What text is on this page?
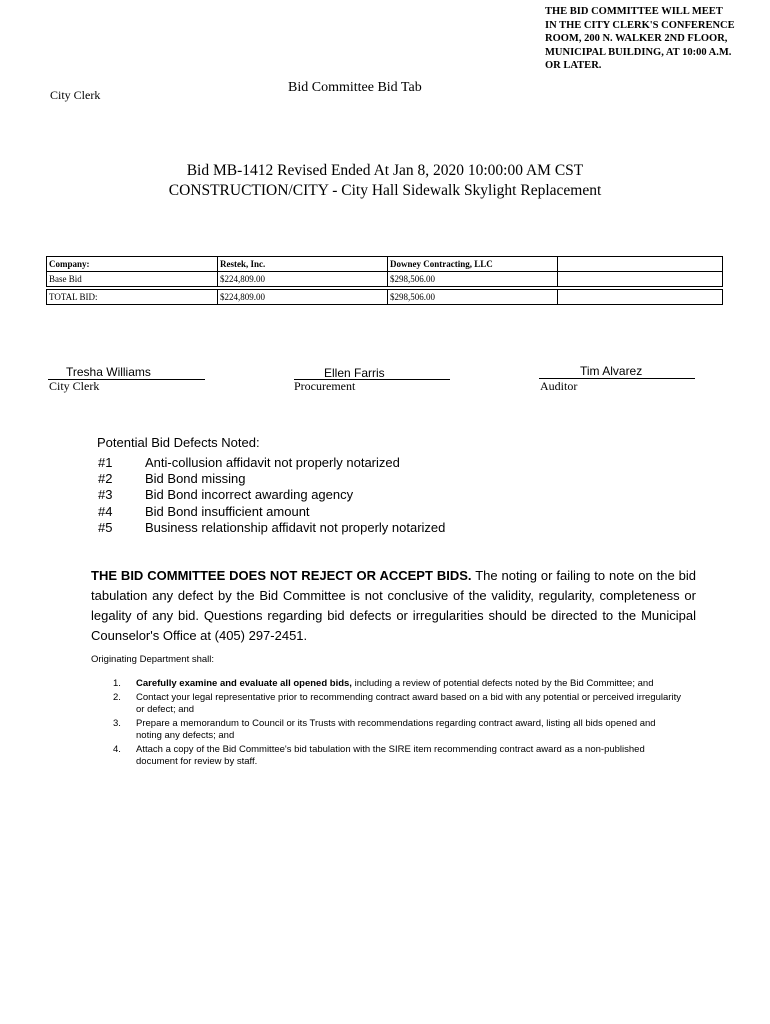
THE BID COMMITTEE WILL MEET
IN THE CITY CLERK'S CONFERENCE
ROOM, 200 N. WALKER 2ND FLOOR,
MUNICIPAL BUILDING, AT 10:00 A.M.
OR LATER.
City Clerk	Bid Committee Bid Tab
Bid MB-1412 Revised Ended At Jan 8, 2020 10:00:00 AM CST
CONSTRUCTION/CITY - City Hall Sidewalk Skylight Replacement
Company:	Restek, Inc.	Downey Contracting, LLC	
Base Bid	$224,809.00	$298,506.00	

TOTAL BID:	$224,809.00	$298,506.00	
Tresha Williams
City Clerk
Ellen Farris
Procurement
Tim Alvarez
Auditor
Potential Bid Defects Noted:
#1	Anti-collusion affidavit not properly notarized
#2	Bid Bond missing
#3	Bid Bond incorrect awarding agency
#4	Bid Bond insufficient amount
#5	Business relationship affidavit not properly notarized
THE BID COMMITTEE DOES NOT REJECT OR ACCEPT BIDS. The noting or failing to note on the bid tabulation any defect by the Bid Committee is not conclusive of the validity, regularity, completeness or legality of any bid. Questions regarding bid defects or irregularities should be directed to the Municipal Counselor's Office at (405) 297-2451.
Originating Department shall:
1. Carefully examine and evaluate all opened bids, including a review of potential defects noted by the Bid Committee; and
2. Contact your legal representative prior to recommending contract award based on a bid with any potential or perceived irregularity or defect; and
3. Prepare a memorandum to Council or its Trusts with recommendations regarding contract award, listing all bids opened and noting any defects; and
4. Attach a copy of the Bid Committee's bid tabulation with the SIRE item recommending contract award as a non-published document for review by staff.
